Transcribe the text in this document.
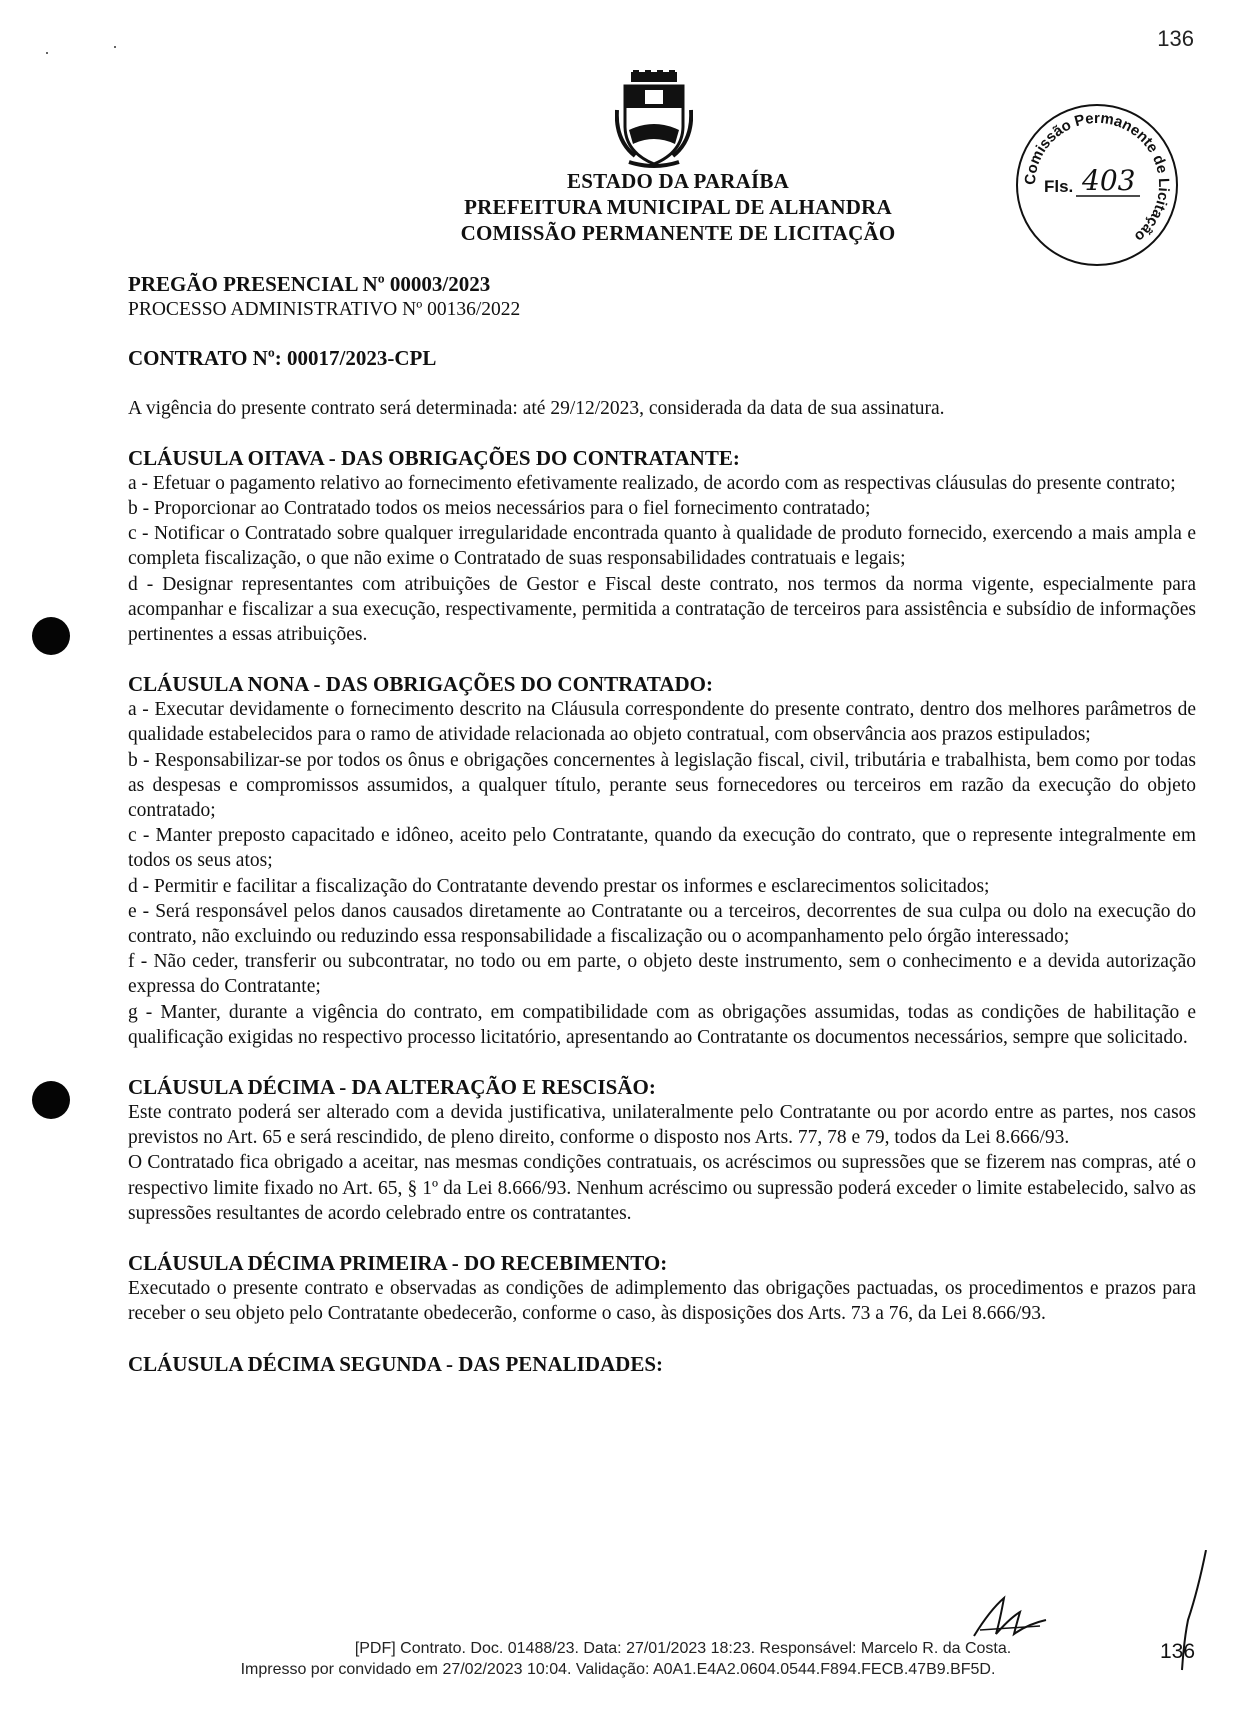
136
ESTADO DA PARAÍBA
PREFEITURA MUNICIPAL DE ALHANDRA
COMISSÃO PERMANENTE DE LICITAÇÃO
Comissão Permanente de Licitação
Fls. 403
PREGÃO PRESENCIAL Nº 00003/2023
PROCESSO ADMINISTRATIVO Nº 00136/2022
CONTRATO Nº: 00017/2023-CPL

A vigência do presente contrato será determinada: até 29/12/2023, considerada da data de sua assinatura.

CLÁUSULA OITAVA - DAS OBRIGAÇÕES DO CONTRATANTE:

a - Efetuar o pagamento relativo ao fornecimento efetivamente realizado, de acordo com as respectivas cláusulas do presente contrato;

b - Proporcionar ao Contratado todos os meios necessários para o fiel fornecimento contratado;

c - Notificar o Contratado sobre qualquer irregularidade encontrada quanto à qualidade de produto fornecido, exercendo a mais ampla e completa fiscalização, o que não exime o Contratado de suas responsabilidades contratuais e legais;

d - Designar representantes com atribuições de Gestor e Fiscal deste contrato, nos termos da norma vigente, especialmente para acompanhar e fiscalizar a sua execução, respectivamente, permitida a contratação de terceiros para assistência e subsídio de informações pertinentes a essas atribuições.

CLÁUSULA NONA - DAS OBRIGAÇÕES DO CONTRATADO:

a - Executar devidamente o fornecimento descrito na Cláusula correspondente do presente contrato, dentro dos melhores parâmetros de qualidade estabelecidos para o ramo de atividade relacionada ao objeto contratual, com observância aos prazos estipulados;

b - Responsabilizar-se por todos os ônus e obrigações concernentes à legislação fiscal, civil, tributária e trabalhista, bem como por todas as despesas e compromissos assumidos, a qualquer título, perante seus fornecedores ou terceiros em razão da execução do objeto contratado;

c - Manter preposto capacitado e idôneo, aceito pelo Contratante, quando da execução do contrato, que o represente integralmente em todos os seus atos;

d - Permitir e facilitar a fiscalização do Contratante devendo prestar os informes e esclarecimentos solicitados;

e - Será responsável pelos danos causados diretamente ao Contratante ou a terceiros, decorrentes de sua culpa ou dolo na execução do contrato, não excluindo ou reduzindo essa responsabilidade a fiscalização ou o acompanhamento pelo órgão interessado;

f - Não ceder, transferir ou subcontratar, no todo ou em parte, o objeto deste instrumento, sem o conhecimento e a devida autorização expressa do Contratante;

g - Manter, durante a vigência do contrato, em compatibilidade com as obrigações assumidas, todas as condições de habilitação e qualificação exigidas no respectivo processo licitatório, apresentando ao Contratante os documentos necessários, sempre que solicitado.

CLÁUSULA DÉCIMA - DA ALTERAÇÃO E RESCISÃO:

Este contrato poderá ser alterado com a devida justificativa, unilateralmente pelo Contratante ou por acordo entre as partes, nos casos previstos no Art. 65 e será rescindido, de pleno direito, conforme o disposto nos Arts. 77, 78 e 79, todos da Lei 8.666/93.

O Contratado fica obrigado a aceitar, nas mesmas condições contratuais, os acréscimos ou supressões que se fizerem nas compras, até o respectivo limite fixado no Art. 65, § 1º da Lei 8.666/93. Nenhum acréscimo ou supressão poderá exceder o limite estabelecido, salvo as supressões resultantes de acordo celebrado entre os contratantes.

CLÁUSULA DÉCIMA PRIMEIRA - DO RECEBIMENTO:

Executado o presente contrato e observadas as condições de adimplemento das obrigações pactuadas, os procedimentos e prazos para receber o seu objeto pelo Contratante obedecerão, conforme o caso, às disposições dos Arts. 73 a 76, da Lei 8.666/93.

CLÁUSULA DÉCIMA SEGUNDA - DAS PENALIDADES:
136
[PDF] Contrato. Doc. 01488/23. Data: 27/01/2023 18:23. Responsável: Marcelo R. da Costa.
Impresso por convidado em 27/02/2023 10:04. Validação: A0A1.E4A2.0604.0544.F894.FECB.47B9.BF5D.
